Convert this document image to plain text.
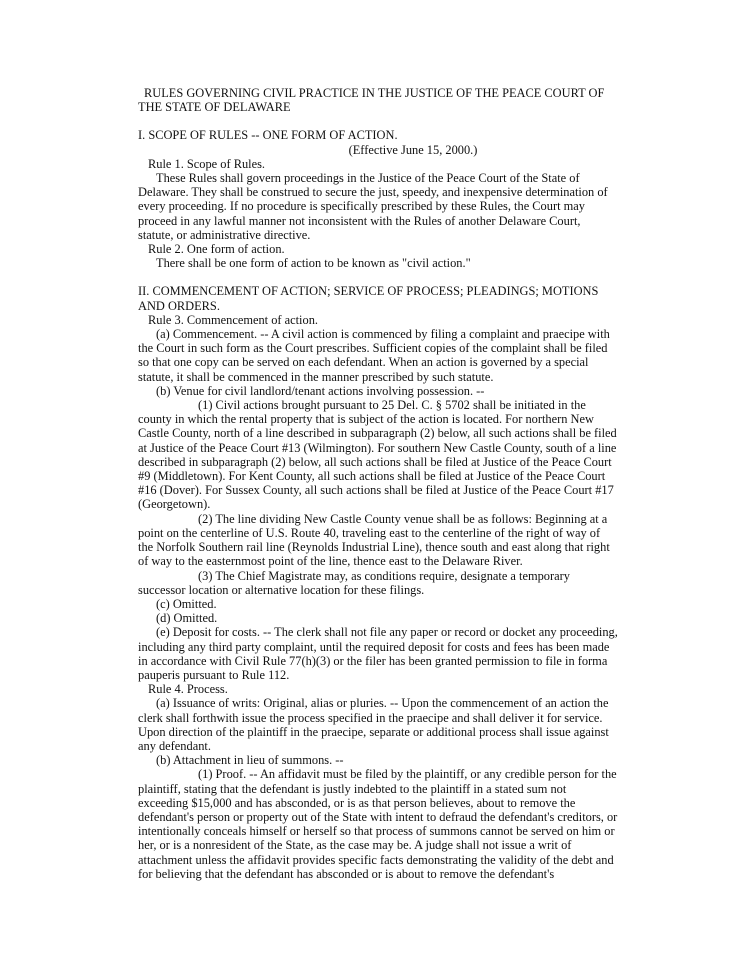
RULES GOVERNING CIVIL PRACTICE IN THE JUSTICE OF THE PEACE COURT OF

THE STATE OF DELAWARE

I. SCOPE OF RULES -- ONE FORM OF ACTION.

(Effective June 15, 2000.)

Rule 1. Scope of Rules.

These Rules shall govern proceedings in the Justice of the Peace Court of the State of Delaware. They shall be construed to secure the just, speedy, and inexpensive determination of every proceeding. If no procedure is specifically prescribed by these Rules, the Court may proceed in any lawful manner not inconsistent with the Rules of another Delaware Court, statute, or administrative directive.

Rule 2. One form of action.

There shall be one form of action to be known as "civil action."

II. COMMENCEMENT OF ACTION; SERVICE OF PROCESS; PLEADINGS; MOTIONS AND ORDERS.

Rule 3. Commencement of action.

(a) Commencement. -- A civil action is commenced by filing a complaint and praecipe with the Court in such form as the Court prescribes. Sufficient copies of the complaint shall be filed so that one copy can be served on each defendant. When an action is governed by a special statute, it shall be commenced in the manner prescribed by such statute.

(b) Venue for civil landlord/tenant actions involving possession. --

(1) Civil actions brought pursuant to 25 Del. C. § 5702 shall be initiated in the county in which the rental property that is subject of the action is located. For northern New Castle County, north of a line described in subparagraph (2) below, all such actions shall be filed at Justice of the Peace Court #13 (Wilmington). For southern New Castle County, south of a line described in subparagraph (2) below, all such actions shall be filed at Justice of the Peace Court #9 (Middletown). For Kent County, all such actions shall be filed at Justice of the Peace Court #16 (Dover). For Sussex County, all such actions shall be filed at Justice of the Peace Court #17 (Georgetown).

(2) The line dividing New Castle County venue shall be as follows: Beginning at a point on the centerline of U.S. Route 40, traveling east to the centerline of the right of way of the Norfolk Southern rail line (Reynolds Industrial Line), thence south and east along that right of way to the easternmost point of the line, thence east to the Delaware River.

(3) The Chief Magistrate may, as conditions require, designate a temporary successor location or alternative location for these filings.

(c) Omitted.

(d) Omitted.

(e) Deposit for costs. -- The clerk shall not file any paper or record or docket any proceeding, including any third party complaint, until the required deposit for costs and fees has been made in accordance with Civil Rule 77(h)(3) or the filer has been granted permission to file in forma pauperis pursuant to Rule 112.

Rule 4. Process.

(a) Issuance of writs: Original, alias or pluries. -- Upon the commencement of an action the clerk shall forthwith issue the process specified in the praecipe and shall deliver it for service. Upon direction of the plaintiff in the praecipe, separate or additional process shall issue against any defendant.

(b) Attachment in lieu of summons. --

(1) Proof. -- An affidavit must be filed by the plaintiff, or any credible person for the plaintiff, stating that the defendant is justly indebted to the plaintiff in a stated sum not exceeding $15,000 and has absconded, or is as that person believes, about to remove the defendant's person or property out of the State with intent to defraud the defendant's creditors, or intentionally conceals himself or herself so that process of summons cannot be served on him or her, or is a nonresident of the State, as the case may be. A judge shall not issue a writ of attachment unless the affidavit provides specific facts demonstrating the validity of the debt and for believing that the defendant has absconded or is about to remove the defendant's
